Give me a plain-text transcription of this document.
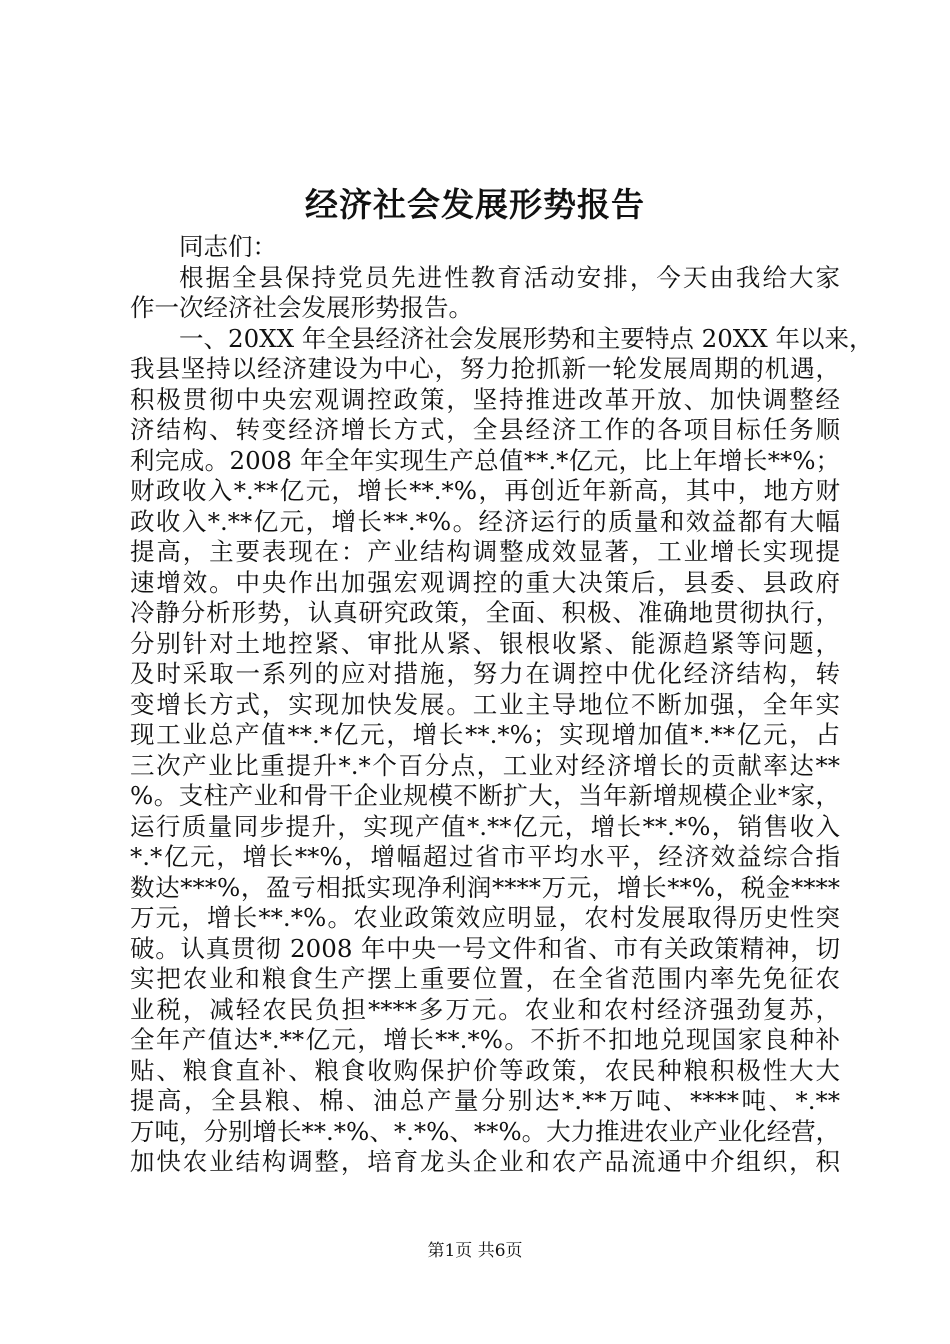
经济社会发展形势报告
同志们：
根据全县保持党员先进性教育活动安排，今天由我给大家
作一次经济社会发展形势报告。
一、20XX 年全县经济社会发展形势和主要特点 20XX 年以来，
我县坚持以经济建设为中心，努力抢抓新一轮发展周期的机遇，
积极贯彻中央宏观调控政策，坚持推进改革开放、加快调整经
济结构、转变经济增长方式，全县经济工作的各项目标任务顺
利完成。2008 年全年实现生产总值**.*亿元，比上年增长**%；
财政收入*.**亿元，增长**.*%，再创近年新高，其中，地方财
政收入*.**亿元，增长**.*%。经济运行的质量和效益都有大幅
提高，主要表现在：产业结构调整成效显著，工业增长实现提
速增效。中央作出加强宏观调控的重大决策后，县委、县政府
冷静分析形势，认真研究政策，全面、积极、准确地贯彻执行，
分别针对土地控紧、审批从紧、银根收紧、能源趋紧等问题，
及时采取一系列的应对措施，努力在调控中优化经济结构，转
变增长方式，实现加快发展。工业主导地位不断加强，全年实
现工业总产值**.*亿元，增长**.*%；实现增加值*.**亿元，占
三次产业比重提升*.*个百分点，工业对经济增长的贡献率达**
%。支柱产业和骨干企业规模不断扩大，当年新增规模企业*家，
运行质量同步提升，实现产值*.**亿元，增长**.*%，销售收入
*.*亿元，增长**%，增幅超过省市平均水平，经济效益综合指
数达***%，盈亏相抵实现净利润****万元，增长**%，税金****
万元，增长**.*%。农业政策效应明显，农村发展取得历史性突
破。认真贯彻 2008 年中央一号文件和省、市有关政策精神，切
实把农业和粮食生产摆上重要位置，在全省范围内率先免征农
业税，减轻农民负担****多万元。农业和农村经济强劲复苏，
全年产值达*.**亿元，增长**.*%。不折不扣地兑现国家良种补
贴、粮食直补、粮食收购保护价等政策，农民种粮积极性大大
提高，全县粮、棉、油总产量分别达*.**万吨、****吨、*.**
万吨，分别增长**.*%、*.*%、**%。大力推进农业产业化经营，
加快农业结构调整，培育龙头企业和农产品流通中介组织，积
第1页 共6页
